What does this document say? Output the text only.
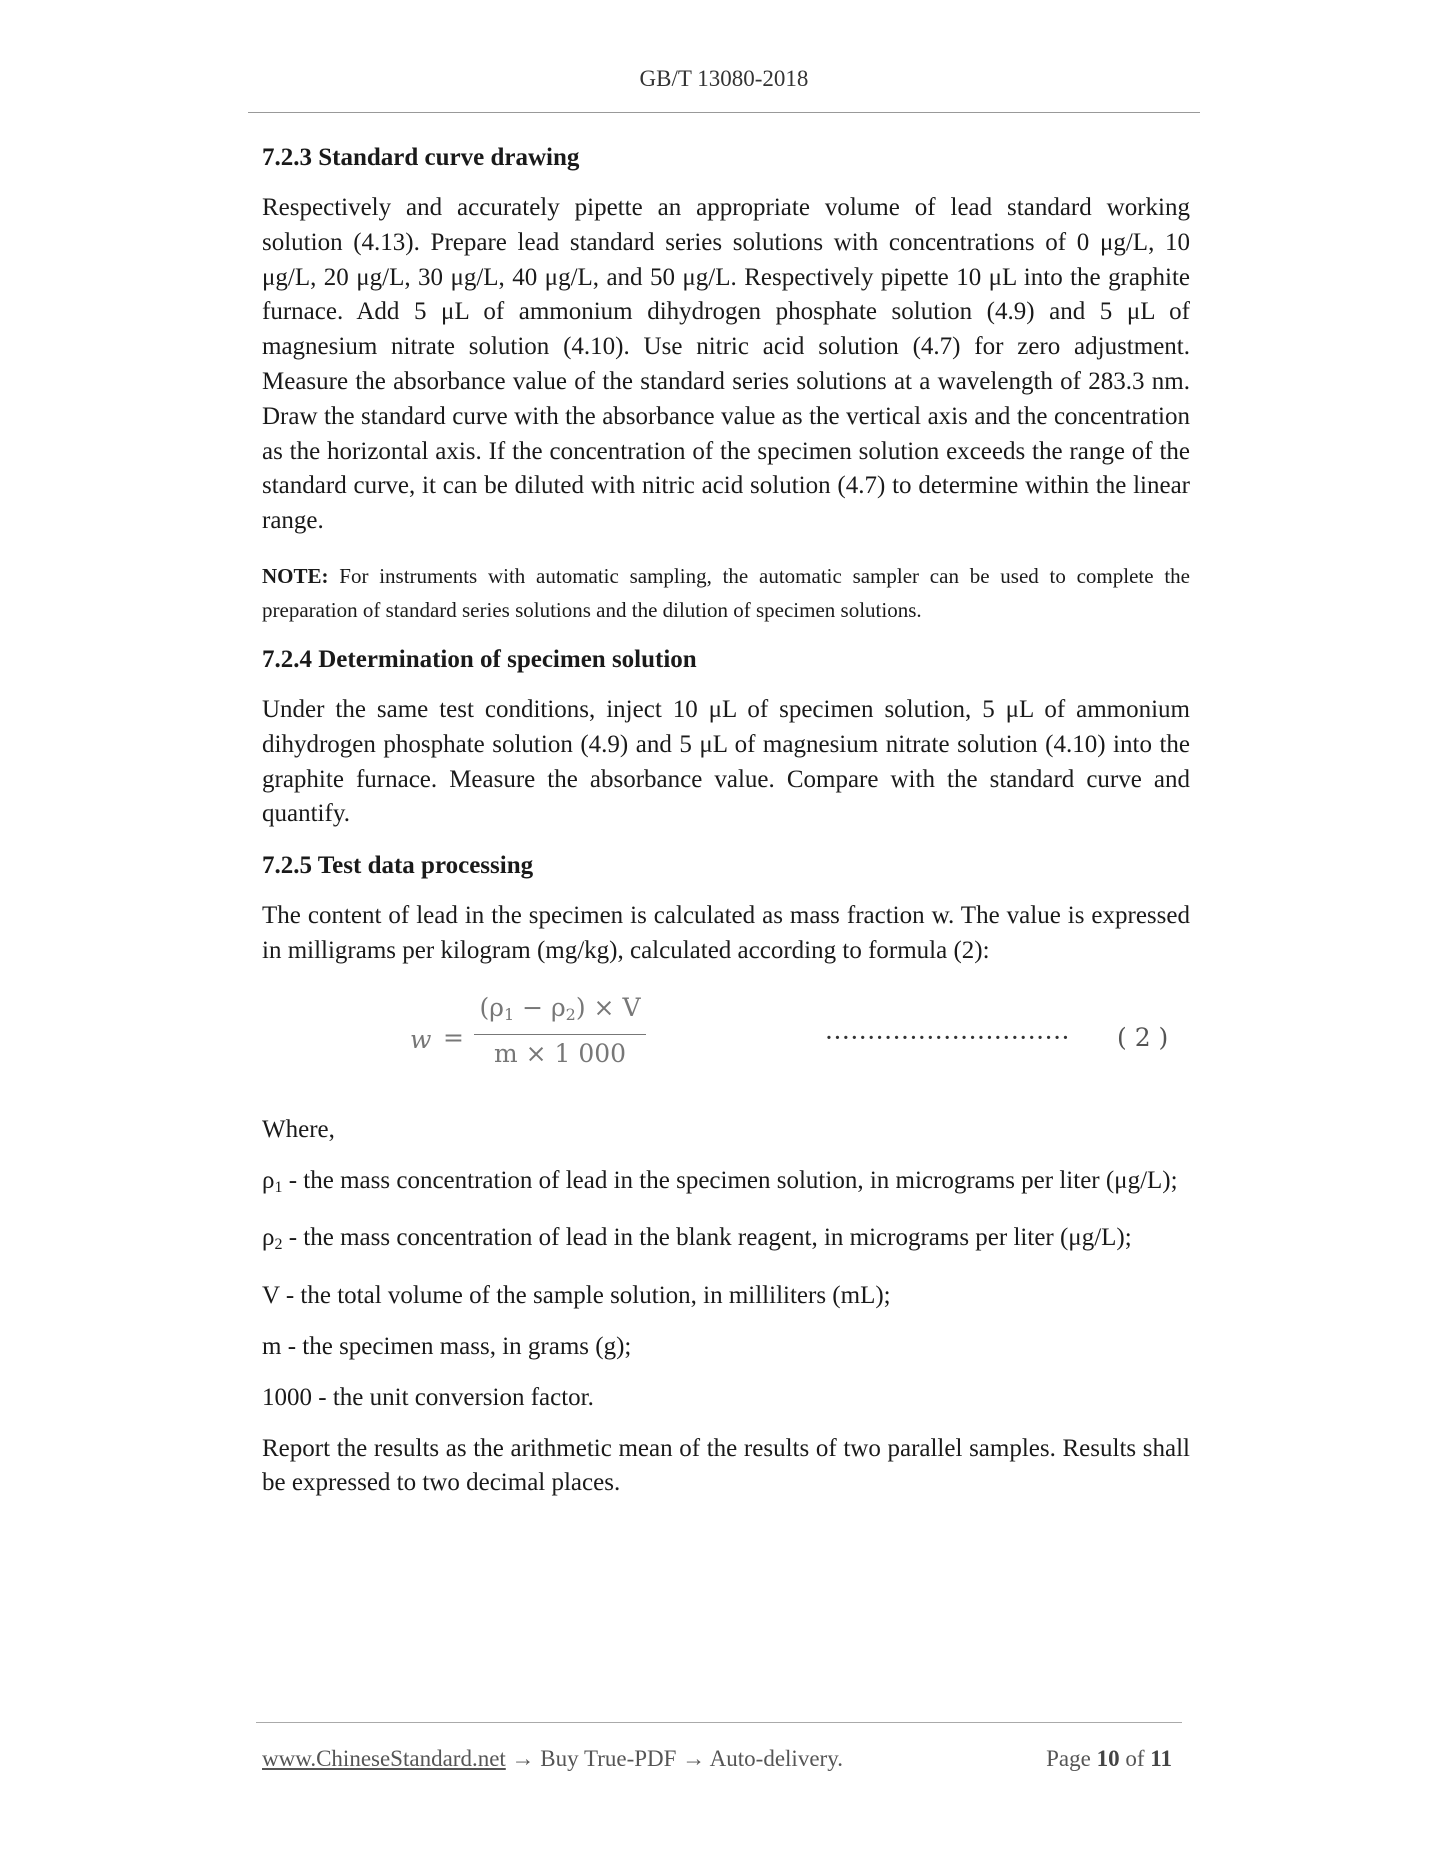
GB/T 13080-2018
7.2.3 Standard curve drawing

Respectively and accurately pipette an appropriate volume of lead standard working solution (4.13). Prepare lead standard series solutions with concentrations of 0 μg/L, 10 μg/L, 20 μg/L, 30 μg/L, 40 μg/L, and 50 μg/L. Respectively pipette 10 μL into the graphite furnace. Add 5 μL of ammonium dihydrogen phosphate solution (4.9) and 5 μL of magnesium nitrate solution (4.10). Use nitric acid solution (4.7) for zero adjustment. Measure the absorbance value of the standard series solutions at a wavelength of 283.3 nm. Draw the standard curve with the absorbance value as the vertical axis and the concentration as the horizontal axis. If the concentration of the specimen solution exceeds the range of the standard curve, it can be diluted with nitric acid solution (4.7) to determine within the linear range.

NOTE: For instruments with automatic sampling, the automatic sampler can be used to complete the preparation of standard series solutions and the dilution of specimen solutions.
7.2.4 Determination of specimen solution

Under the same test conditions, inject 10 μL of specimen solution, 5 μL of ammonium dihydrogen phosphate solution (4.9) and 5 μL of magnesium nitrate solution (4.10) into the graphite furnace. Measure the absorbance value. Compare with the standard curve and quantify.

7.2.5 Test data processing

The content of lead in the specimen is calculated as mass fraction w. The value is expressed in milligrams per kilogram (mg/kg), calculated according to formula (2):

w =
(ρ1 − ρ2) × V
m × 1 000
····························· ( 2 )

Where,

ρ1 - the mass concentration of lead in the specimen solution, in micrograms per liter (μg/L);

ρ2 - the mass concentration of lead in the blank reagent, in micrograms per liter (μg/L);

V - the total volume of the sample solution, in milliliters (mL);

m - the specimen mass, in grams (g);

1000 - the unit conversion factor.

Report the results as the arithmetic mean of the results of two parallel samples. Results shall be expressed to two decimal places.

www.ChineseStandard.net → Buy True-PDF → Auto-delivery.	Page 10 of 11
